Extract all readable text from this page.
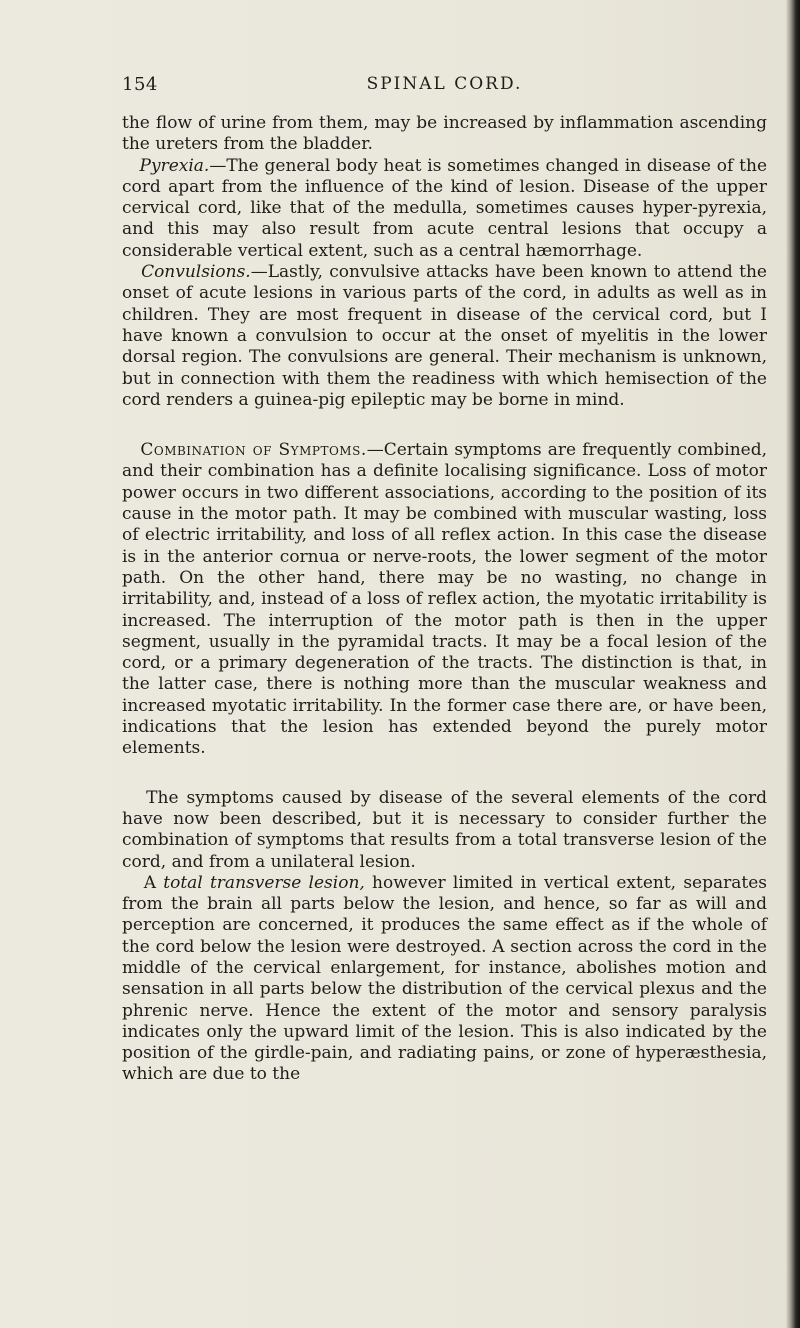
154	SPINAL CORD.

the flow of urine from them, may be increased by inflammation ascending the ureters from the bladder.

Pyrexia.—The general body heat is sometimes changed in disease of the cord apart from the influence of the kind of lesion. Disease of the upper cervical cord, like that of the medulla, sometimes causes hyper-pyrexia, and this may also result from acute central lesions that occupy a considerable vertical extent, such as a central hæmorrhage.

Convulsions.—Lastly, convulsive attacks have been known to attend the onset of acute lesions in various parts of the cord, in adults as well as in children. They are most frequent in disease of the cervical cord, but I have known a convulsion to occur at the onset of myelitis in the lower dorsal region. The convulsions are general. Their mechanism is unknown, but in connection with them the readiness with which hemisection of the cord renders a guinea-pig epileptic may be borne in mind.

Combination of Symptoms.—Certain symptoms are frequently combined, and their combination has a definite localising significance. Loss of motor power occurs in two different associations, according to the position of its cause in the motor path. It may be combined with muscular wasting, loss of electric irritability, and loss of all reflex action. In this case the disease is in the anterior cornua or nerve-roots, the lower segment of the motor path. On the other hand, there may be no wasting, no change in irritability, and, instead of a loss of reflex action, the myotatic irritability is increased. The interruption of the motor path is then in the upper segment, usually in the pyramidal tracts. It may be a focal lesion of the cord, or a primary degeneration of the tracts. The distinction is that, in the latter case, there is nothing more than the muscular weakness and increased myotatic irritability. In the former case there are, or have been, indications that the lesion has extended beyond the purely motor elements.

The symptoms caused by disease of the several elements of the cord have now been described, but it is necessary to consider further the combination of symptoms that results from a total transverse lesion of the cord, and from a unilateral lesion.

A total transverse lesion, however limited in vertical extent, separates from the brain all parts below the lesion, and hence, so far as will and perception are concerned, it produces the same effect as if the whole of the cord below the lesion were destroyed. A section across the cord in the middle of the cervical enlargement, for instance, abolishes motion and sensation in all parts below the distribution of the cervical plexus and the phrenic nerve. Hence the extent of the motor and sensory paralysis indicates only the upward limit of the lesion. This is also indicated by the position of the girdle-pain, and radiating pains, or zone of hyperæsthesia, which are due to the
